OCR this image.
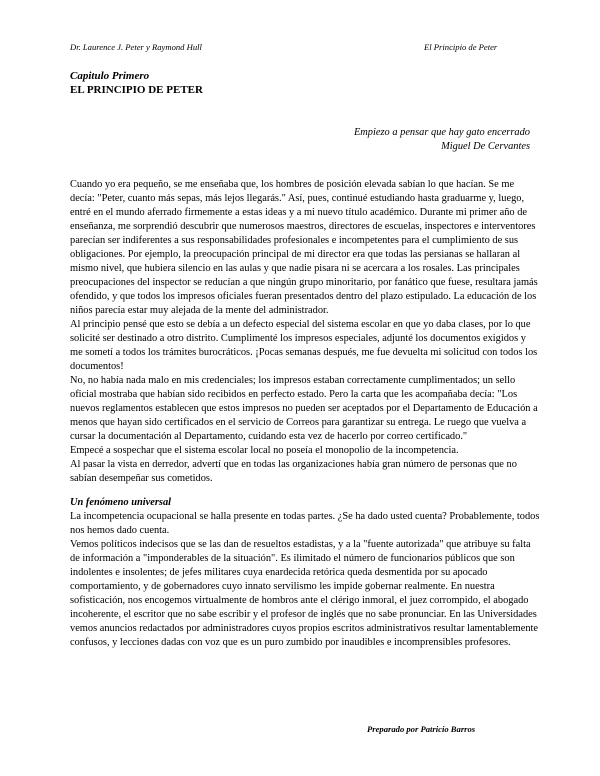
Dr. Laurence J. Peter y Raymond Hull	El Principio de Peter
Capitulo Primero
EL PRINCIPIO DE PETER
Empiezo a pensar que hay gato encerrado
Miguel De Cervantes
Cuando yo era pequeño, se me enseñaba que, los hombres de posición elevada sabían lo que hacían. Se me decía: "Peter, cuanto más sepas, más lejos llegarás." Así, pues, continué estudiando hasta graduarme y, luego, entré en el mundo aferrado firmemente a estas ideas y a mi nuevo título académico. Durante mi primer año de enseñanza, me sorprendió descubrir que numerosos maestros, directores de escuelas, inspectores e interventores parecían ser indiferentes a sus responsabilidades profesionales e incompetentes para el cumplimiento de sus obligaciones. Por ejemplo, la preocupación principal de mi director era que todas las persianas se hallaran al mismo nivel, que hubiera silencio en las aulas y que nadie pisara ni se acercara a los rosales. Las principales preocupaciones del inspector se reducían a que ningún grupo minoritario, por fanático que fuese, resultara jamás ofendido, y que todos los impresos oficiales fueran presentados dentro del plazo estipulado. La educación de los niños parecía estar muy alejada de la mente del administrador.
Al principio pensé que esto se debía a un defecto especial del sistema escolar en que yo daba clases, por lo que solicité ser destinado a otro distrito. Cumplimenté los impresos especiales, adjunté los documentos exigidos y me sometí a todos los trámites burocráticos. ¡Pocas semanas después, me fue devuelta mi solicitud con todos los documentos!
No, no había nada malo en mis credenciales; los impresos estaban correctamente cumplimentados; un sello oficial mostraba que habían sido recibidos en perfecto estado. Pero la carta que les acompañaba decía: "Los nuevos reglamentos establecen que estos impresos no pueden ser aceptados por el Departamento de Educación a menos que hayan sido certificados en el servicio de Correos para garantizar su entrega. Le ruego que vuelva a cursar la documentación al Departamento, cuidando esta vez de hacerlo por correo certificado."
Empecé a sospechar que el sistema escolar local no poseía el monopolio de la incompetencia.
Al pasar la vista en derredor, advertí que en todas las organizaciones había gran número de personas que no sabían desempeñar sus cometidos.
Un fenómeno universal
La incompetencia ocupacional se halla presente en todas partes. ¿Se ha dado usted cuenta? Probablemente, todos nos hemos dado cuenta.
Vemos políticos indecisos que se las dan de resueltos estadistas, y a la "fuente autorizada" que atribuye su falta de información a "imponderables de la situación". Es ilimitado el número de funcionarios públicos que son indolentes e insolentes; de jefes militares cuya enardecida retórica queda desmentida por su apocado comportamiento, y de gobernadores cuyo innato servilismo les impide gobernar realmente. En nuestra sofisticación, nos encogemos virtualmente de hombros ante el clérigo inmoral, el juez corrompido, el abogado incoherente, el escritor que no sabe escribir y el profesor de inglés que no sabe pronunciar. En las Universidades vemos anuncios redactados por administradores cuyos propios escritos administrativos resultar lamentablemente confusos, y lecciones dadas con voz que es un puro zumbido por inaudibles e incomprensibles profesores.
Preparado por Patricio Barros
